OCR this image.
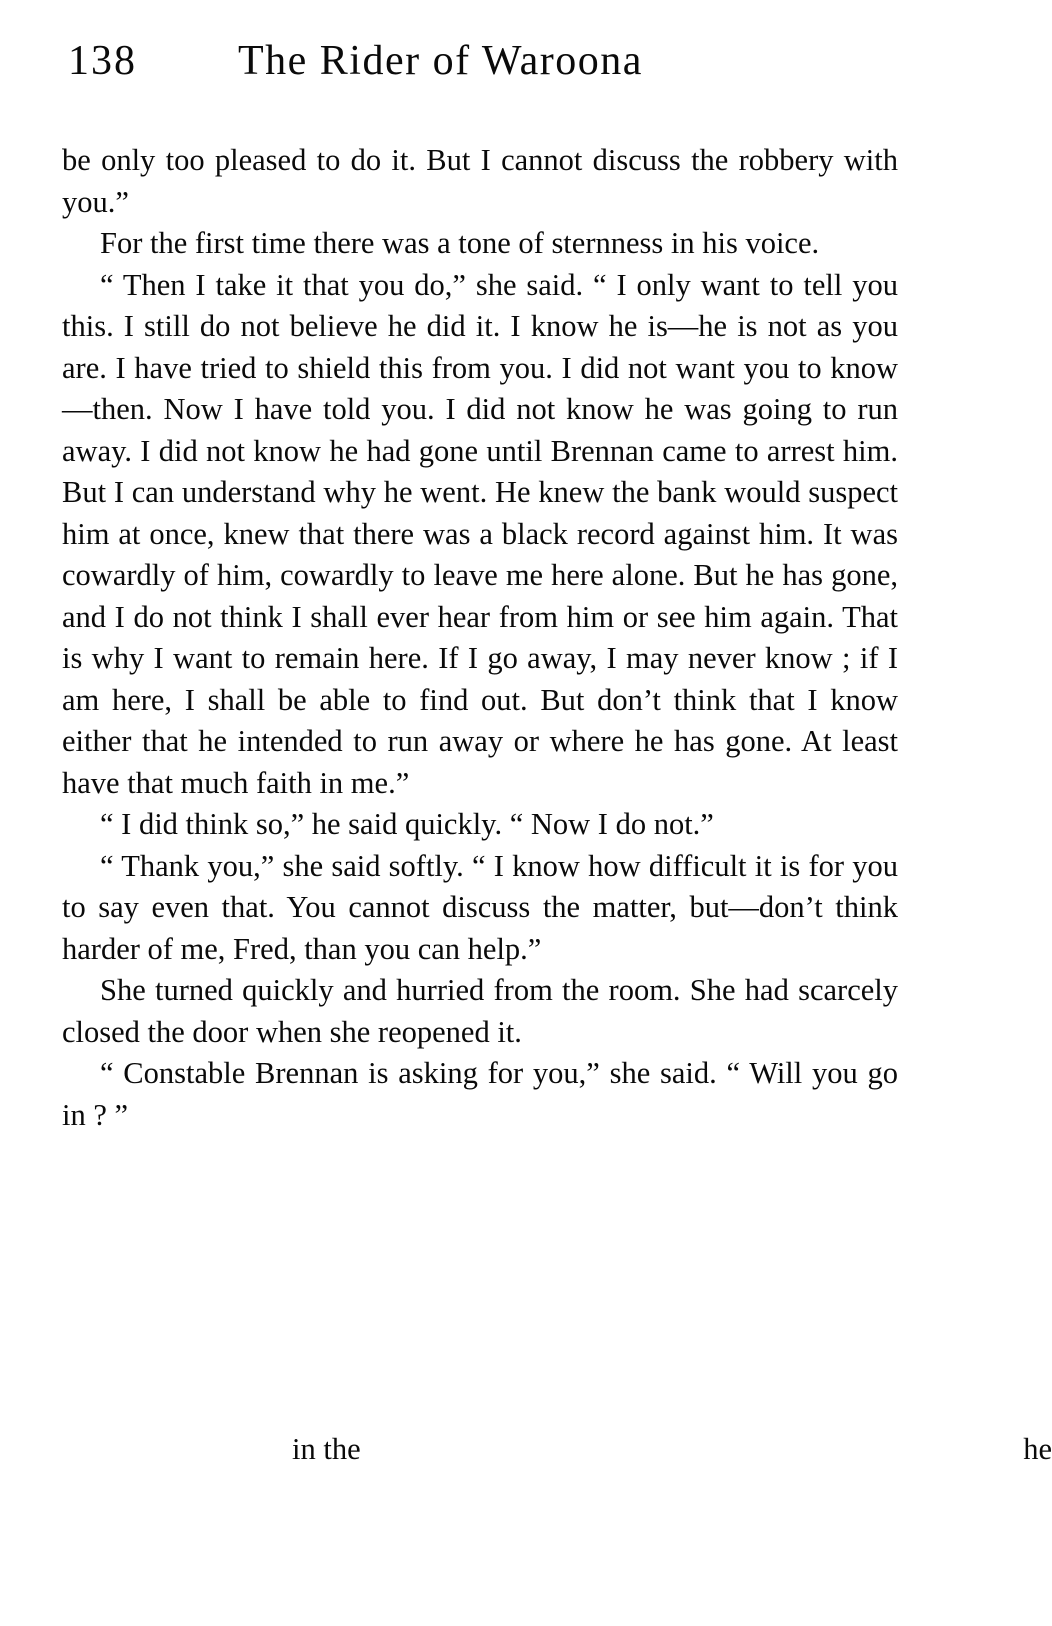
138	The Rider of Waroona

be only too pleased to do it. But I cannot discuss the robbery with you.”

For the first time there was a tone of sternness in his voice.

“ Then I take it that you do,” she said. “ I only want to tell you this. I still do not believe he did it. I know he is—he is not as you are. I have tried to shield this from you. I did not want you to know —then. Now I have told you. I did not know he was going to run away. I did not know he had gone until Brennan came to arrest him. But I can understand why he went. He knew the bank would suspect him at once, knew that there was a black record against him. It was cowardly of him, cowardly to leave me here alone. But he has gone, and I do not think I shall ever hear from him or see him again. That is why I want to remain here. If I go away, I may never know ; if I am here, I shall be able to find out. But don’t think that I know either that he intended to run away or where he has gone. At least have that much faith in me.”

“ I did think so,” he said quickly. “ Now I do not.”

“ Thank you,” she said softly. “ I know how difficult it is for you to say even that. You cannot discuss the matter, but—don’t think harder of me, Fred, than you can help.”

She turned quickly and hurried from the room. She had scarcely closed the door when she reopened it.

“ Constable Brennan is asking for you,” she said. “ Will you go in ? ”

in the	he
